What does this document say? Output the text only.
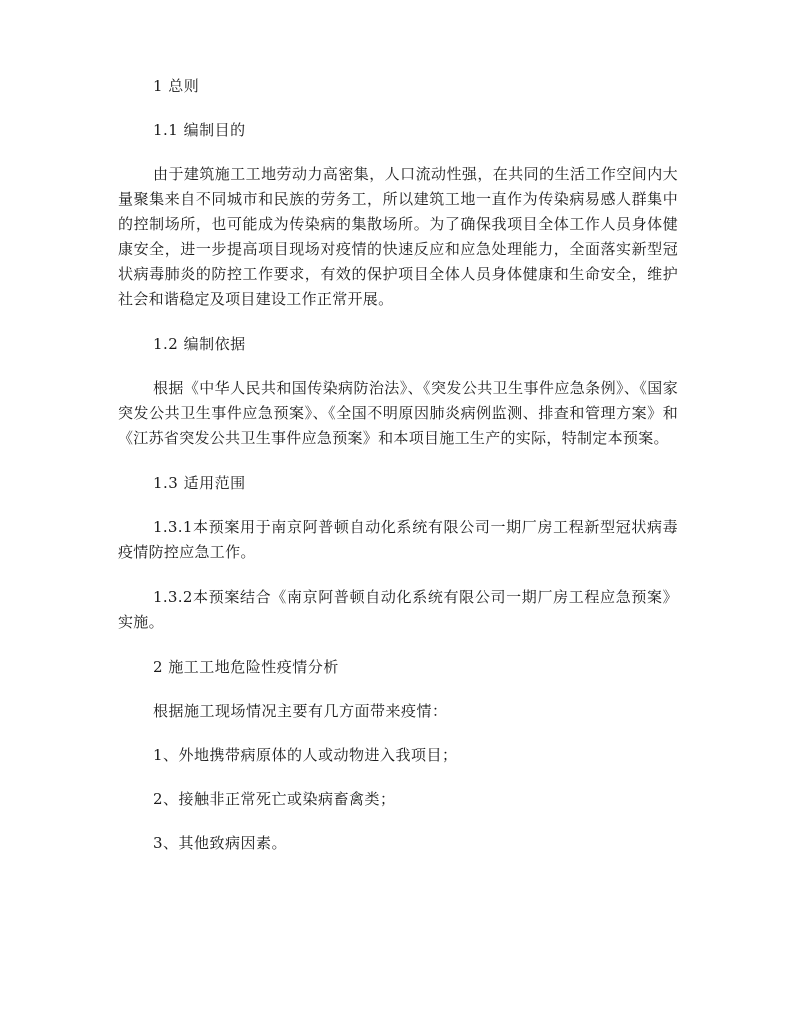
1 总则

1.1 编制目的

由于建筑施工工地劳动力高密集，人口流动性强，在共同的生活工作空间内大量聚集来自不同城市和民族的劳务工，所以建筑工地一直作为传染病易感人群集中的控制场所，也可能成为传染病的集散场所。为了确保我项目全体工作人员身体健康安全，进一步提高项目现场对疫情的快速反应和应急处理能力，全面落实新型冠状病毒肺炎的防控工作要求，有效的保护项目全体人员身体健康和生命安全，维护社会和谐稳定及项目建设工作正常开展。

1.2 编制依据

根据《中华人民共和国传染病防治法》、《突发公共卫生事件应急条例》、《国家突发公共卫生事件应急预案》、《全国不明原因肺炎病例监测、排查和管理方案》和《江苏省突发公共卫生事件应急预案》和本项目施工生产的实际，特制定本预案。

1.3 适用范围

1.3.1本预案用于南京阿普顿自动化系统有限公司一期厂房工程新型冠状病毒疫情防控应急工作。

1.3.2本预案结合《南京阿普顿自动化系统有限公司一期厂房工程应急预案》实施。

2 施工工地危险性疫情分析

根据施工现场情况主要有几方面带来疫情：

1、外地携带病原体的人或动物进入我项目；

2、接触非正常死亡或染病畜禽类；

3、其他致病因素。
